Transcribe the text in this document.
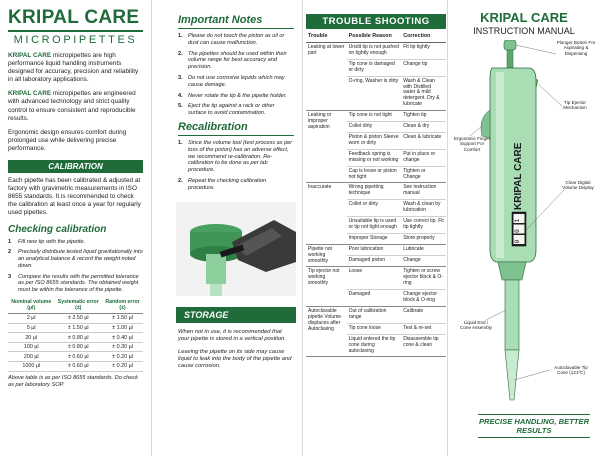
KRIPAL CARE
MICROPIPETTES
KRIPAL CARE micropipettes are high performance liquid handling instruments designed for accuracy, precision and reliability in all laboratory applications.
KRIPAL CARE micropipettes are engineered with advanced technology and strict quality control to ensure consistent and reproducible results.
Ergonomic design ensures comfort during prolonged use while delivering precise performance.
CALIBRATION
Each pipette has been calibrated & adjusted at factory with gravimetric measurements in ISO 8655 standards. It is recommended to check the calibration at least once a year for regularly used pipettes.
Checking calibration
1	Fill new tip with the pipette.
2	Precisely distribute tested liquid gravitationally into an analytical balance & record the weight noted down.
3	Compare the results with the permitted tolerance as per ISO 8655 standards. The obtained weight must be within the tolerance of the pipette.
Nominal volume (µl)	Systematic error (±)	Random error (±)
2 µl	± 2.50 µl	± 1.50 µl
5 µl	± 1.50 µl	± 1.00 µl
20 µl	± 0.80 µl	± 0.40 µl
100 µl	± 0.80 µl	± 0.30 µl
200 µl	± 0.60 µl	± 0.20 µl
1000 µl	± 0.60 µl	± 0.20 µl
Above table is as per ISO 8655 standards. Do check as per laboratory SOP.
Important Notes
1. Please do not touch the piston as oil or dust can cause malfunction.
2. The pipettes should be used within their volume range for best accuracy and precision.
3. Do not use corrosive liquids which may cause damage.
4. Never rotate the tip & the pipette holder.
5. Eject the tip against a rack or other surface to avoid contamination.
Recalibration
1. Since the volume tool (test process as per loss of the piston) has an adverse effect, we recommend re-calibration. Re-calibration to be done as per lab procedure.
2. Repeat the checking calibration procedure.
STORAGE
When not in use, it is recommended that your pipette is stored in a vertical position.
Leaving the pipette on its side may cause liquid to leak into the body of the pipette and cause corrosion.
TROUBLE SHOOTING
Trouble	Possible Reason	Correction
Leaking at lower part	Unslit tip is not pushed on tightly enough	Fit tip tightly
	Tip cone is damaged or dirty	Change tip
	O-ring, Washer is dirty	Wash & Clean with Distilled water & mild detergent. Dry & lubricate
Leaking or improper aspiration	Tip cone is not tight	Tighten tip
	Collet dirty	Clean & dry
	Piston & piston Sleeve worn or dirty	Clean & lubricate
	Feedback spring is missing or not working	Put in place or change
	Cap is loose or piston not tight	Tighten or Change
Inaccurate	Wrong pipetting technique	See instruction manual
	Collet or dirty	Wash & clean by lubrication
	Unsuitable tip is used or tip not tight enough	Use correct tip. Fit tip tightly
	Improper Storage	Store properly
Pipette not working smoothly	Poor lubrication	Lubricate
	Damaged piston	Change
Tip ejector not working smoothly	Loose	Tighten or screw ejector block & O-ring
	Damaged	Change ejector block & O-ring
Autoclavable pipette Volume displaces after Autoclaving	Out of calibration range	Calibrate
	Tip cone loose	Test & re-set
	Liquid entered the tip cone during autoclaving	Disassemble tip cone & clean
KRIPAL CARE
INSTRUCTION MANUAL
KRIPAL CARE
1
0
0
Plunger Button For Aspirating & Dispensing
Tip Ejector Mechanism
Ergonomic Finger Support For Comfort
Clear Digital Volume Display
Liquid End / Cone Assembly
Autoclavable Tip Cone (121ºC)
PRECISE HANDLING, BETTER RESULTS
